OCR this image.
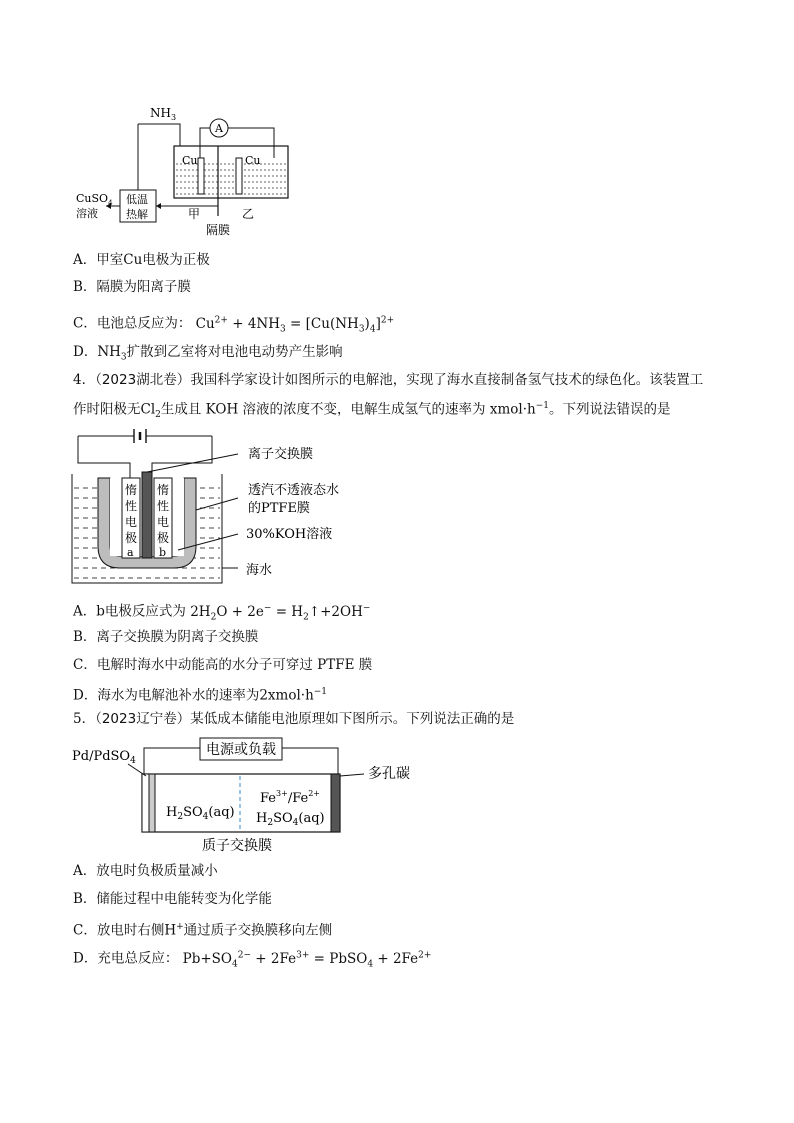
$NH_3$
A
Cu	Cu
低温
热解
CuSO$_4$
溶液	甲	乙
隔膜
A．甲室Cu电极为正极
B．隔膜为阳离子膜
C．电池总反应为： $Cu^{2+} + 4NH_3 = [Cu(NH_3)_4]^{2+}$
D．$NH_3$扩散到乙室将对电池电动势产生影响
4．（2023湖北卷）我国科学家设计如图所示的电解池，实现了海水直接制备氢气技术的绿色化。该装置工
作时阳极无$Cl_2$生成且 KOH 溶液的浓度不变，电解生成氢气的速率为 $xmol\cdot h^{-1}$。下列说法错误的是
惰
性
电
极
a
惰
性
电
极
b
离子交换膜
透汽不透液态水
的PTFE膜
30%KOH溶液
海水
A．b电极反应式为 $2H_2O + 2e^-$ = $H_2↑+2OH^-$
B．离子交换膜为阴离子交换膜
C．电解时海水中动能高的水分子可穿过 PTFE 膜
D．海水为电解池补水的速率为$2xmol\cdot h^{-1}$
5．（2023辽宁卷）某低成本储能电池原理如下图所示。下列说法正确的是
电源或负载
Pd/PdSO$_4$
多孔碳
$H_2SO_4(aq)$
$Fe^{3+}/Fe^{2+}$
$H_2SO_4(aq)$
质子交换膜
A．放电时负极质量减小
B．储能过程中电能转变为化学能
C．放电时右侧H+通过质子交换膜移向左侧
D．充电总反应： $Pb+SO_4^{2-} + 2Fe^{3+}$ = PbSO$_4$ + $2Fe^{2+}$
